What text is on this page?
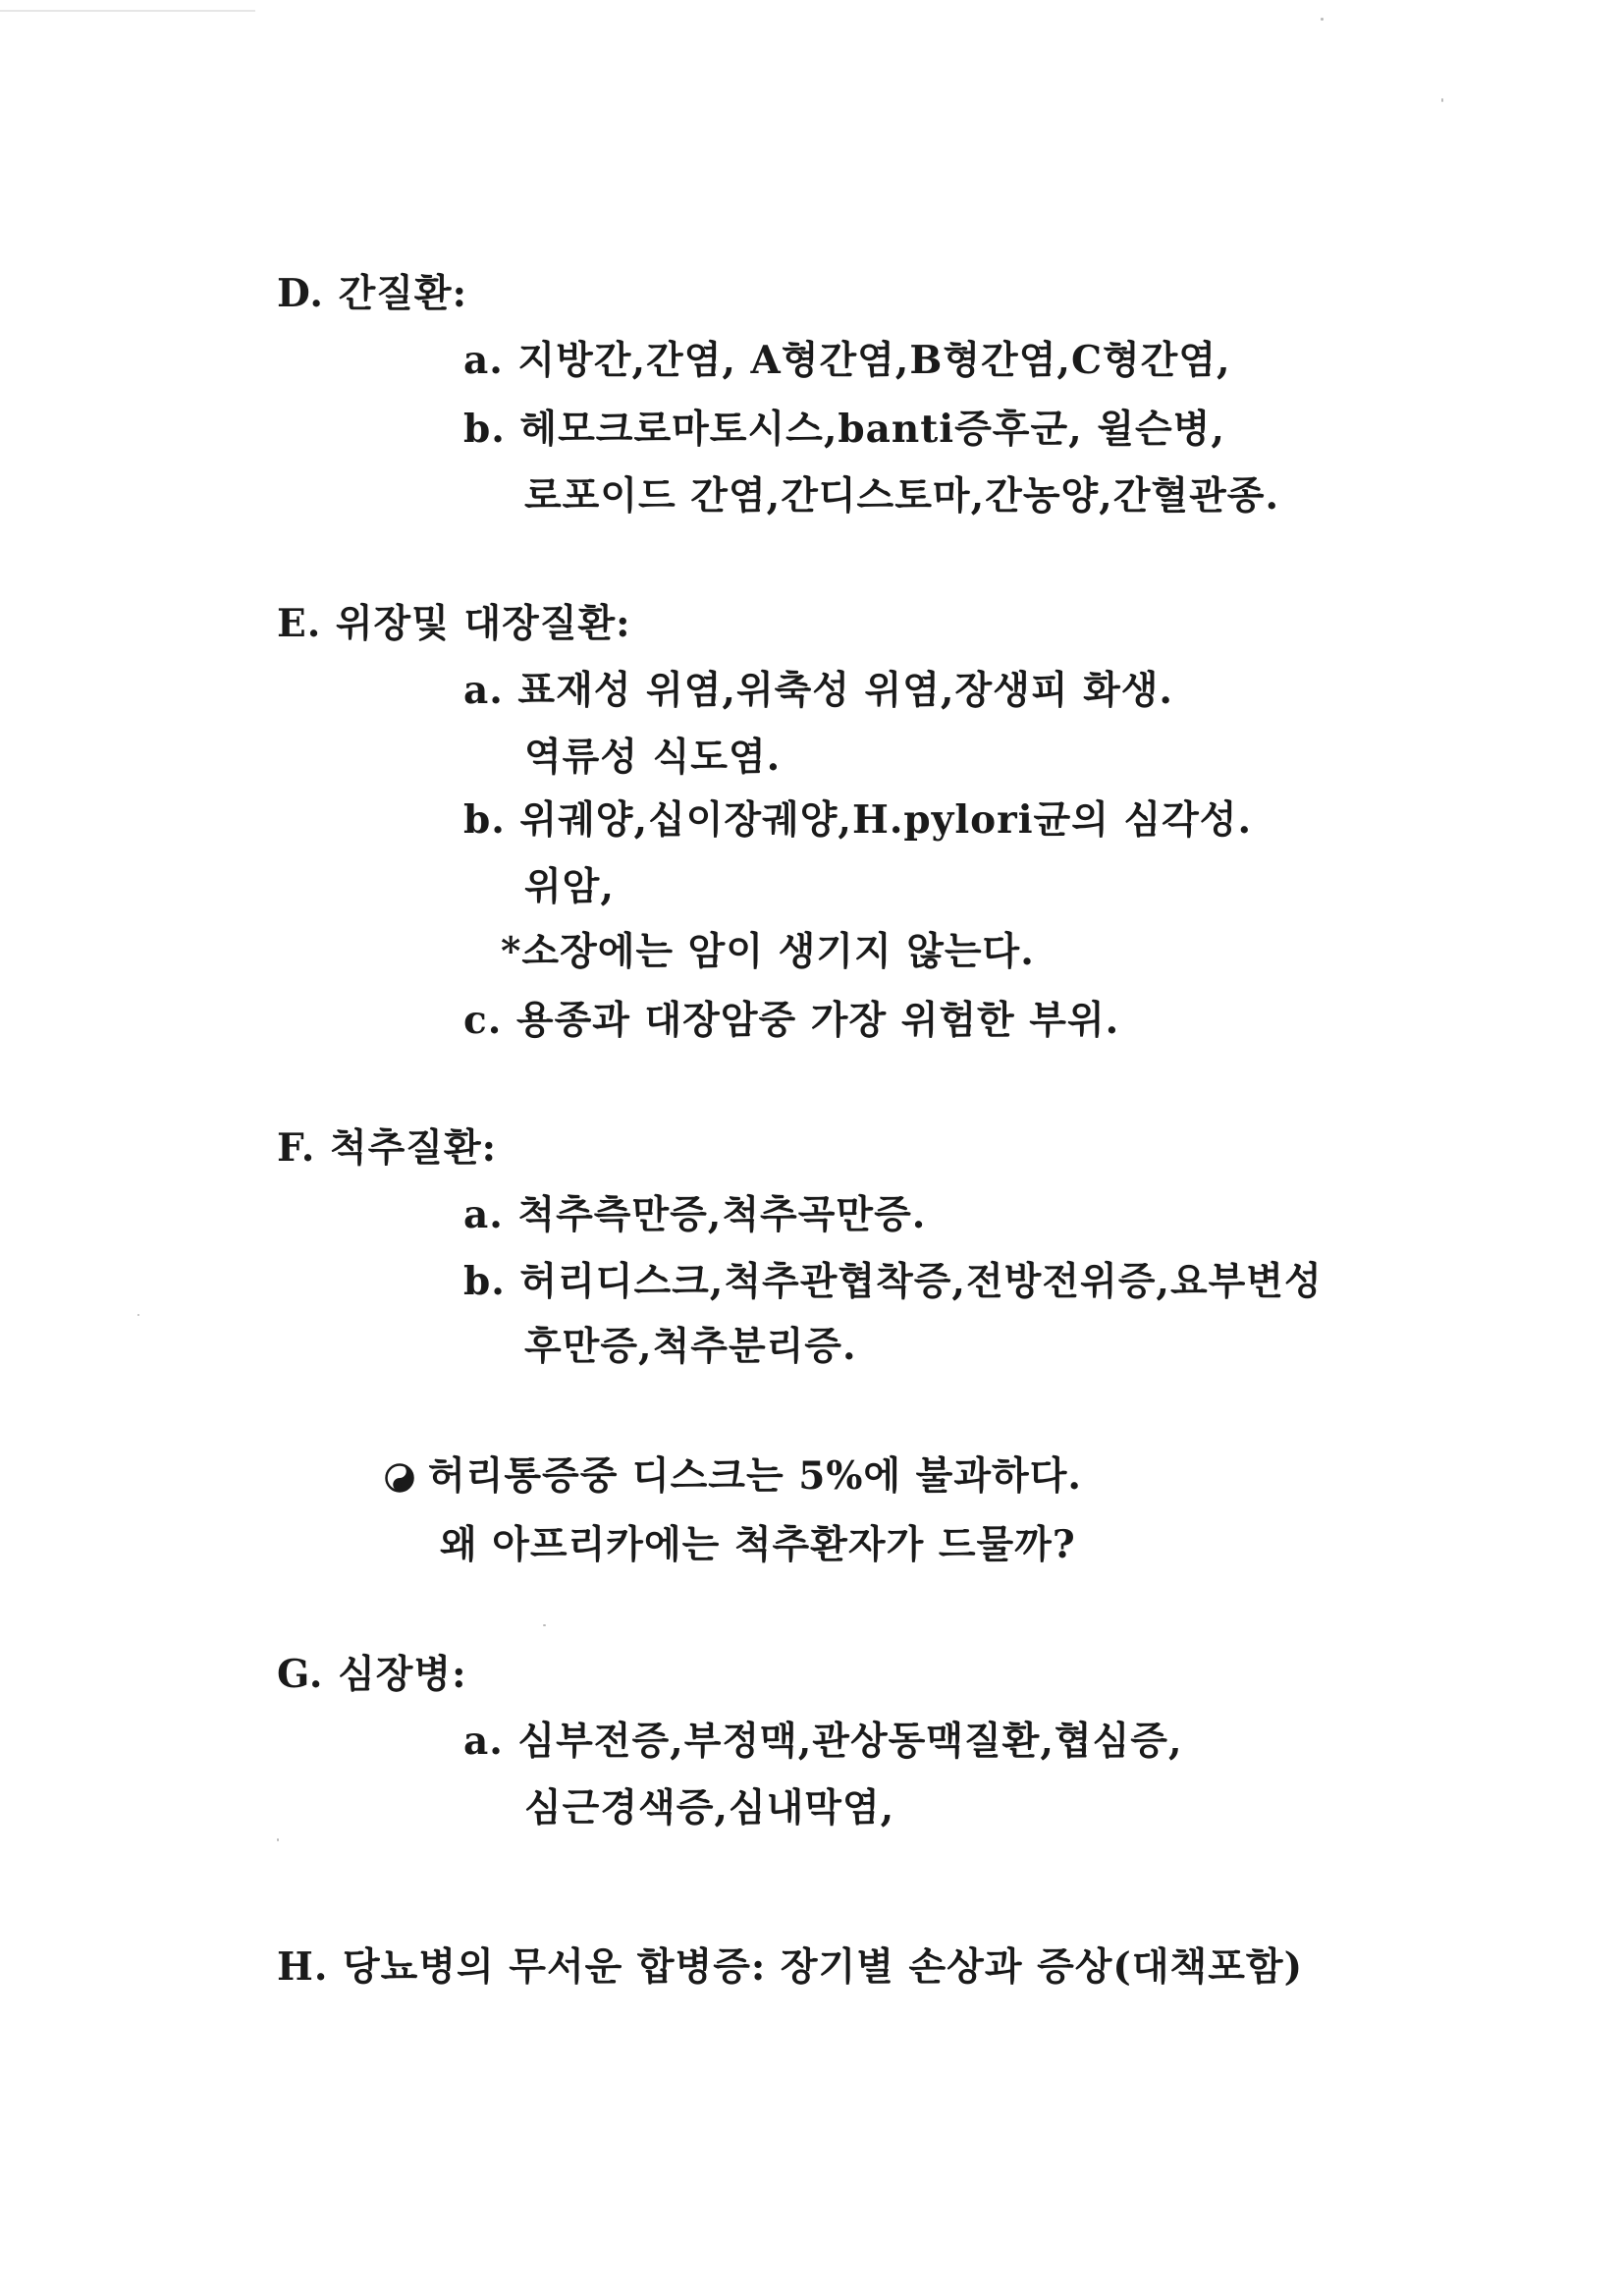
D. 간질환:
a. 지방간,간염, A형간염,B형간염,C형간염,
b. 헤모크로마토시스,banti증후군, 윌슨병,
로포이드 간염,간디스토마,간농양,간혈관종.
E. 위장및 대장질환:
a. 표재성 위염,위축성 위염,장생피 화생.
역류성 식도염.
b. 위궤양,십이장궤양,H.pylori균의 심각성.
위암,
*소장에는 암이 생기지 않는다.
c. 용종과 대장암중 가장 위험한 부위.
F. 척추질환:
a. 척추측만증,척추곡만증.
b. 허리디스크,척추관협착증,전방전위증,요부변성
후만증,척추분리증.
허리통증중 디스크는 5%에 불과하다.
왜 아프리카에는 척추환자가 드물까?
G. 심장병:
a. 심부전증,부정맥,관상동맥질환,협심증,
심근경색증,심내막염,
H. 당뇨병의 무서운 합병증: 장기별 손상과 증상(대책포함)
